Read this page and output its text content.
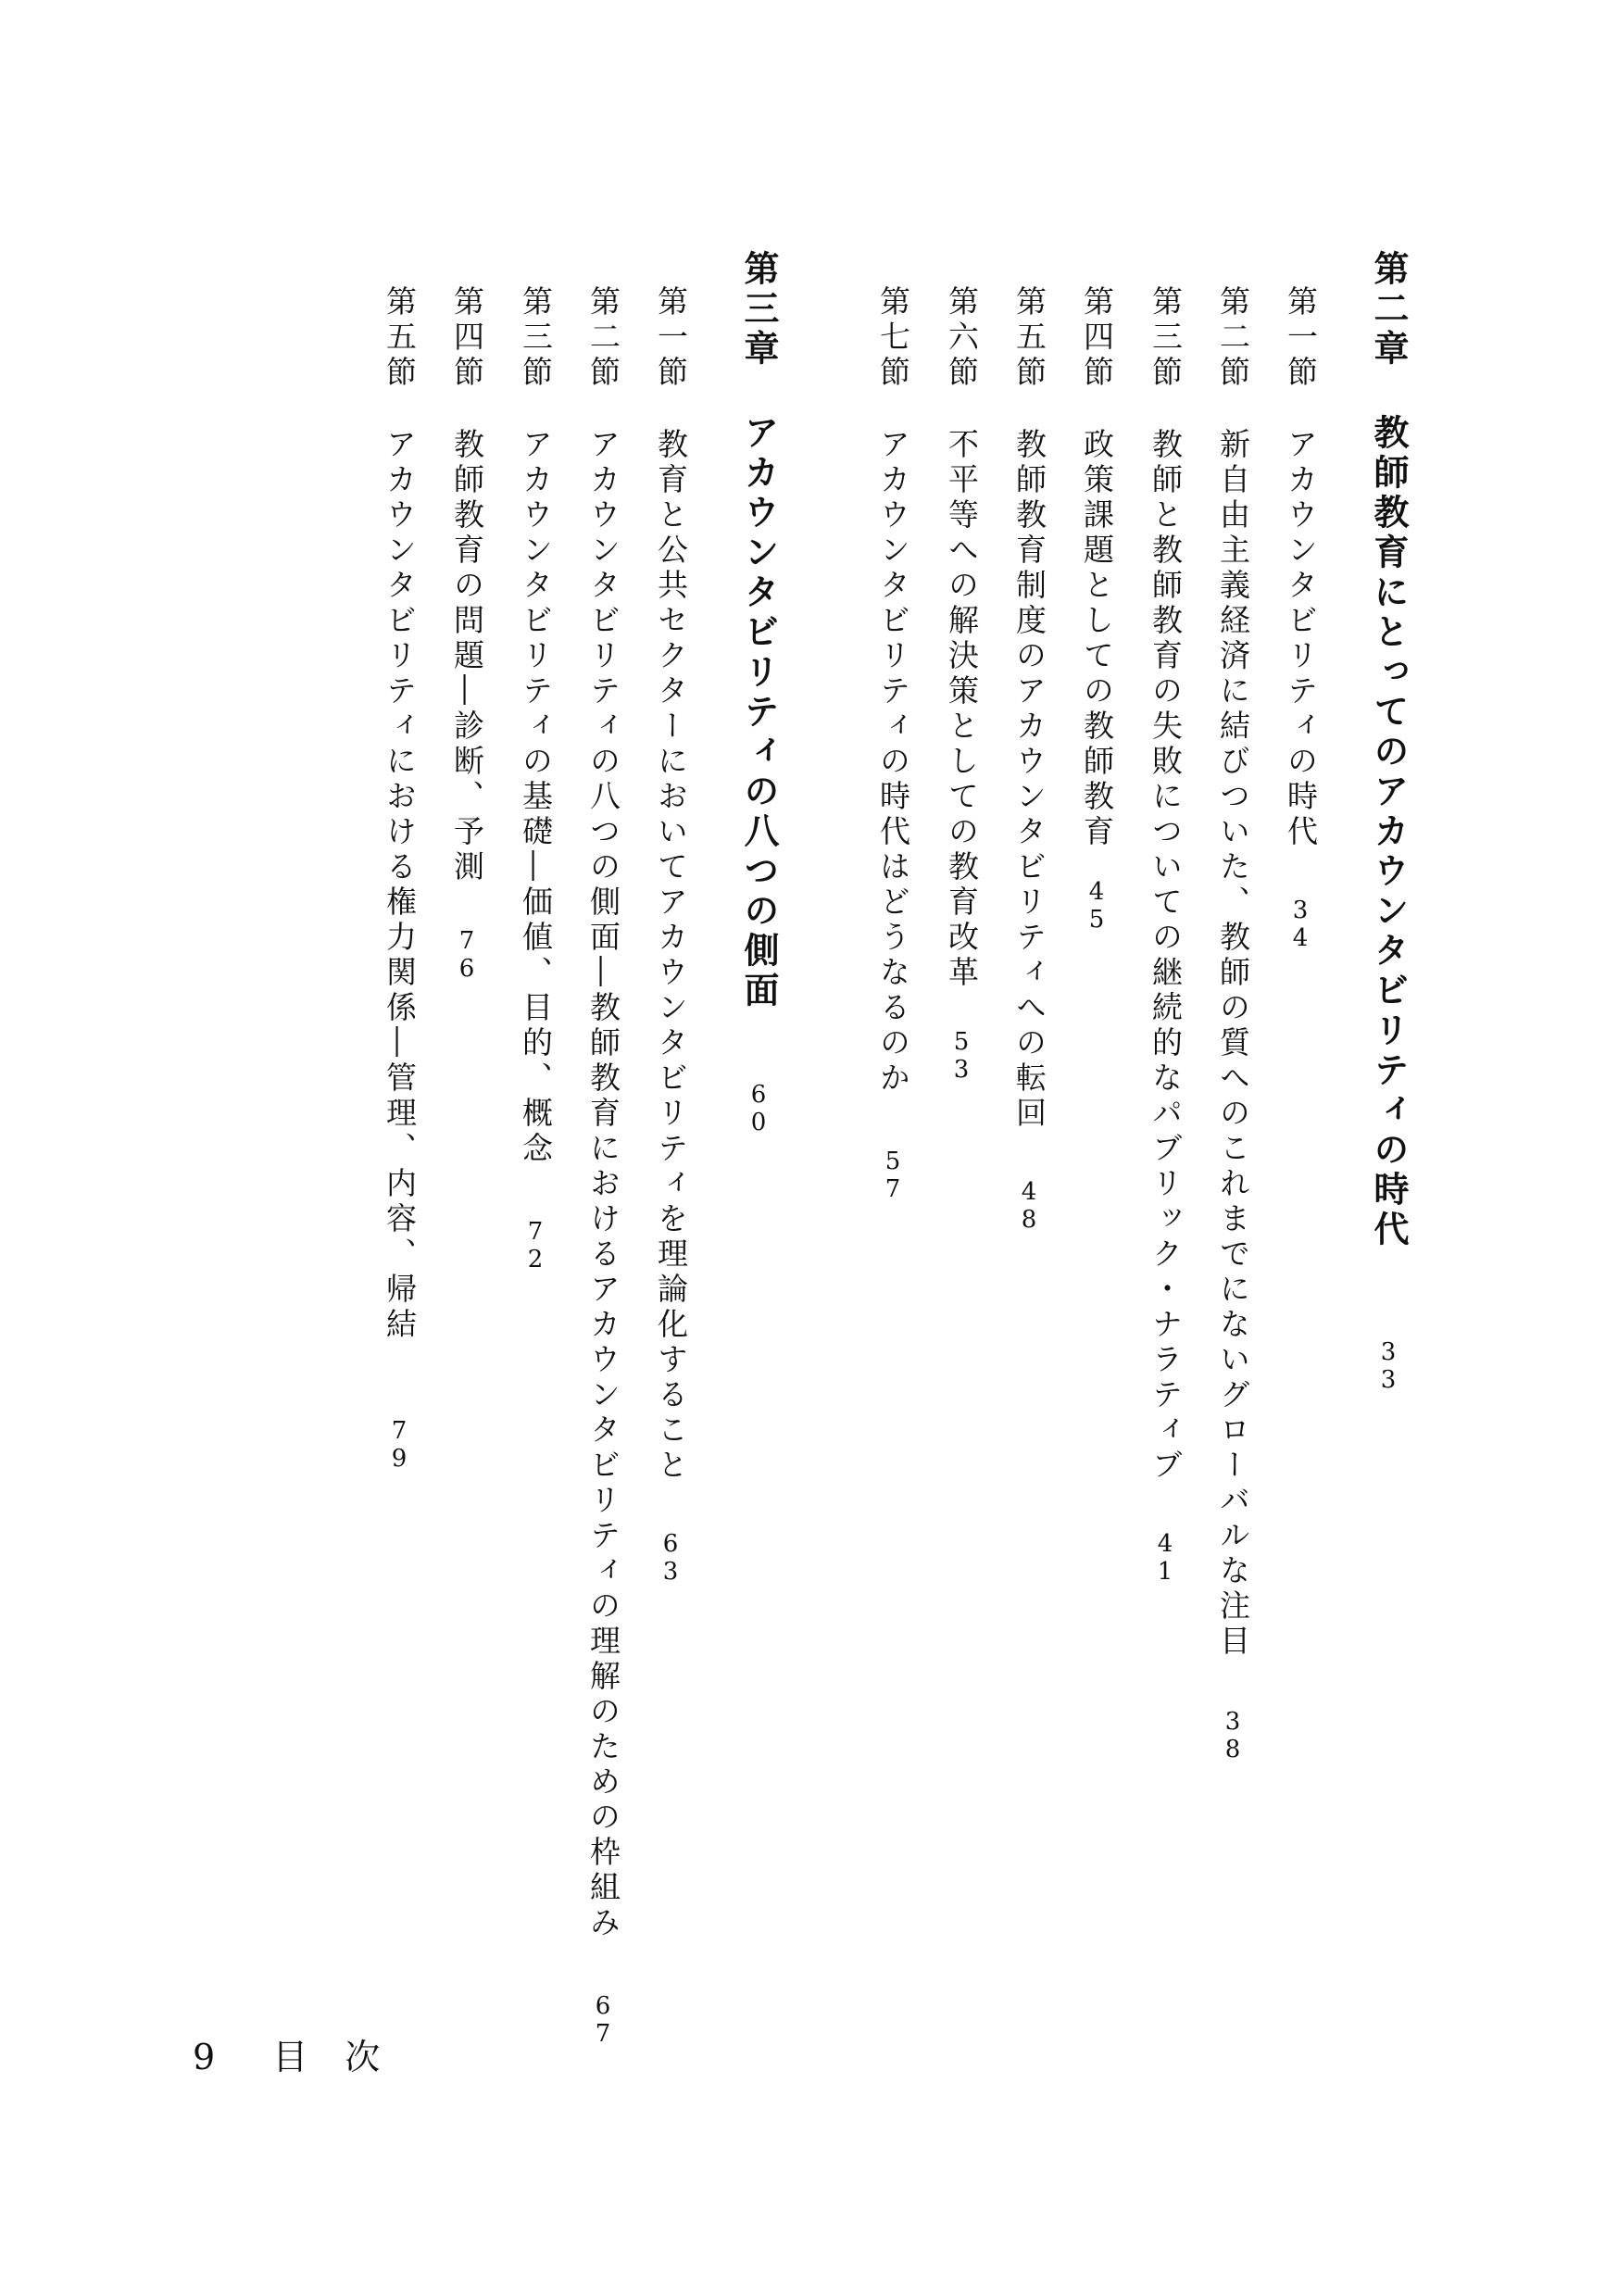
第二章教師教育にとってのアカウンタビリティの時代33
第一節アカウンタビリティの時代34
第二節新自由主義経済に結びついた、教師の質へのこれまでにないグローバルな注目38
第三節教師と教師教育の失敗についての継続的なパブリック・ナラティブ41
第四節政策課題としての教師教育45
第五節教師教育制度のアカウンタビリティへの転回48
第六節不平等への解決策としての教育改革53
第七節アカウンタビリティの時代はどうなるのか57
第三章アカウンタビリティの八つの側面60
第一節教育と公共セクターにおいてアカウンタビリティを理論化すること63
第二節アカウンタビリティの八つの側面―教師教育におけるアカウンタビリティの理解のための枠組み67
第三節アカウンタビリティの基礎―価値、目的、概念72
第四節教師教育の問題―診断、予測76
第五節アカウンタビリティにおける権力関係―管理、内容、帰結79
9 目 次
